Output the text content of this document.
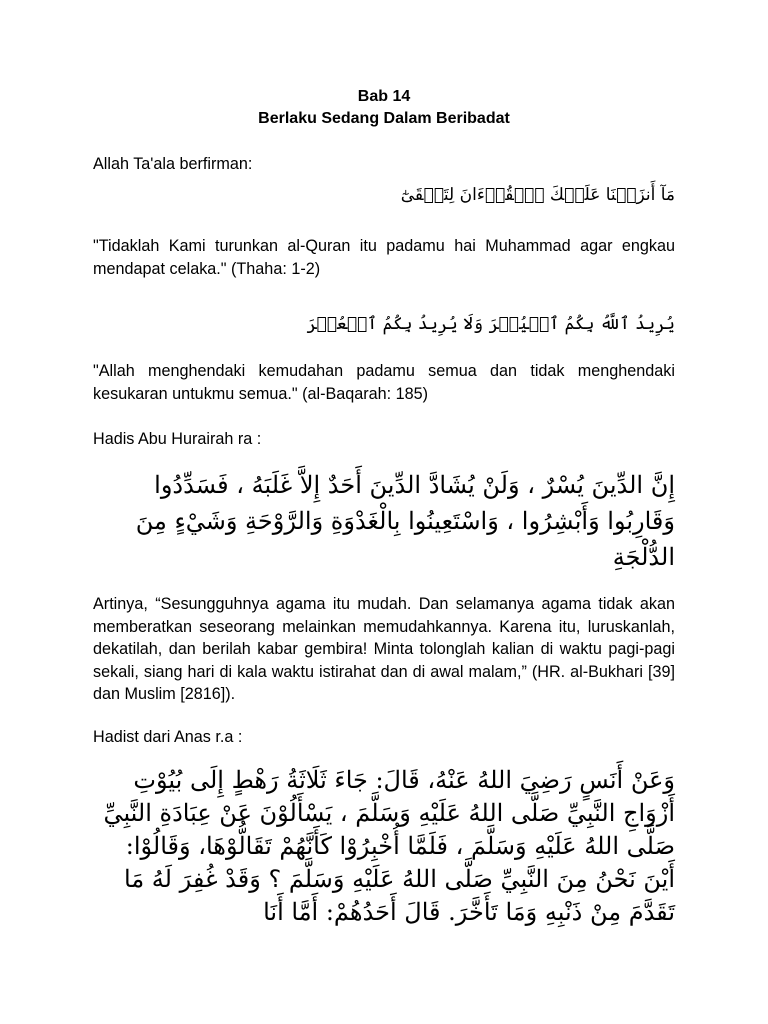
Bab 14

Berlaku Sedang Dalam Beribadat

Allah Ta'ala berfirman:

مَآ أَنزَلۡنَا عَلَيۡكَ ٱلۡقُرۡءَانَ لِتَشۡقَىٰٓ

"Tidaklah Kami turunkan al-Quran itu padamu hai Muhammad agar engkau mendapat celaka." (Thaha: 1-2)

يُرِيدُ ٱللَّهُ بِكُمُ ٱلۡيُسۡرَ وَلَا يُرِيدُ بِكُمُ ٱلۡعُسۡرَ

"Allah menghendaki kemudahan padamu semua dan tidak menghendaki kesukaran untukmu semua." (al-Baqarah: 185)

Hadis Abu Hurairah ra :

إِنَّ الدِّينَ يُسْرٌ ، وَلَنْ يُشَادَّ الدِّينَ أَحَدٌ إِلاَّ غَلَبَهُ ، فَسَدِّدُوا وَقَارِبُوا وَأَبْشِرُوا ، وَاسْتَعِينُوا بِالْغَدْوَةِ وَالرَّوْحَةِ وَشَيْءٍ مِنَ الدُّلْجَةِ

Artinya, “Sesungguhnya agama itu mudah. Dan selamanya agama tidak akan memberatkan seseorang melainkan memudahkannya. Karena itu, luruskanlah, dekatilah, dan berilah kabar gembira! Minta tolonglah kalian di waktu pagi-pagi sekali, siang hari di kala waktu istirahat dan di awal malam,” (HR. al-Bukhari [39] dan Muslim [2816]).

Hadist dari Anas r.a :

وَعَنْ أَنَسٍ رَضِيَ اللهُ عَنْهُ، قَالَ: جَاءَ ثَلَاثَةُ رَهْطٍ إِلَى بُيُوْتِ أَزْوَاجِ النَّبِيِّ صَلَّى اللهُ عَلَيْهِ وَسَلَّمَ ، يَسْأَلُوْنَ عَنْ عِبَادَةِ النَّبِيِّ صَلَّى اللهُ عَلَيْهِ وَسَلَّمَ ، فَلَمَّا أُخْبِرُوْا كَأَنَّهُمْ تَقَالُّوْهَا، وَقَالُوْا: أَيْنَ نَحْنُ مِنَ النَّبِيِّ صَلَّى اللهُ عَلَيْهِ وَسَلَّمَ ؟ وَقَدْ غُفِرَ لَهُ مَا تَقَدَّمَ مِنْ ذَنْبِهِ وَمَا تَأَخَّرَ. قَالَ أَحَدُهُمْ: أَمَّا أَنَا
